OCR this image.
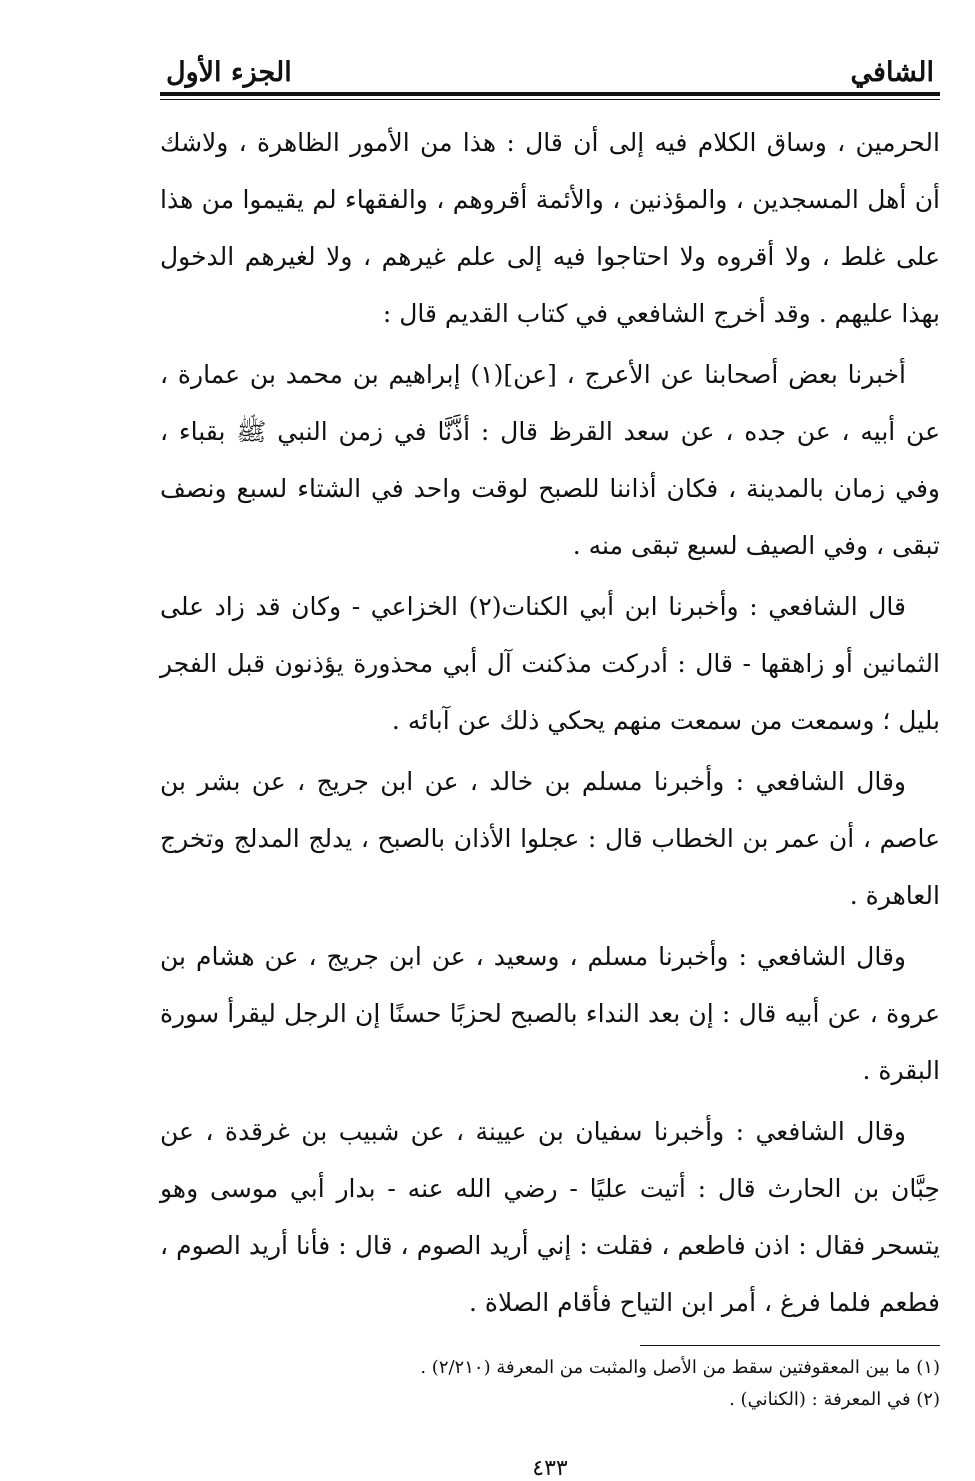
الشافي
الجزء الأول

الحرمين ، وساق الكلام فيه إلى أن قال : هذا من الأمور الظاهرة ، ولاشك أن أهل المسجدين ، والمؤذنين ، والأئمة أقروهم ، والفقهاء لم يقيموا من هذا على غلط ، ولا أقروه ولا احتاجوا فيه إلى علم غيرهم ، ولا لغيرهم الدخول بهذا عليهم . وقد أخرج الشافعي في كتاب القديم قال :

أخبرنا بعض أصحابنا عن الأعرج ، [عن](١) إبراهيم بن محمد بن عمارة ، عن أبيه ، عن جده ، عن سعد القرظ قال : أذَّنَّا في زمن النبي ﷺ بقباء ، وفي زمان بالمدينة ، فكان أذاننا للصبح لوقت واحد في الشتاء لسبع ونصف تبقى ، وفي الصيف لسبع تبقى منه .

قال الشافعي : وأخبرنا ابن أبي الكنات(٢) الخزاعي - وكان قد زاد على الثمانين أو زاهقها - قال : أدركت مذكنت آل أبي محذورة يؤذنون قبل الفجر بليل ؛ وسمعت من سمعت منهم يحكي ذلك عن آبائه .

وقال الشافعي : وأخبرنا مسلم بن خالد ، عن ابن جريج ، عن بشر بن عاصم ، أن عمر بن الخطاب قال : عجلوا الأذان بالصبح ، يدلج المدلج وتخرج العاهرة .

وقال الشافعي : وأخبرنا مسلم ، وسعيد ، عن ابن جريج ، عن هشام بن عروة ، عن أبيه قال : إن بعد النداء بالصبح لحزبًا حسنًا إن الرجل ليقرأ سورة البقرة .

وقال الشافعي : وأخبرنا سفيان بن عيينة ، عن شبيب بن غرقدة ، عن حِبَّان بن الحارث قال : أتيت عليًا - رضي الله عنه - بدار أبي موسى وهو يتسحر فقال : اذن فاطعم ، فقلت : إني أريد الصوم ، قال : فأنا أريد الصوم ، فطعم فلما فرغ ، أمر ابن التياح فأقام الصلاة .

(١) ما بين المعقوفتين سقط من الأصل والمثبت من المعرفة (٢/٢١٠) .

(٢) في المعرفة : (الكناني) .

٤٣٣
